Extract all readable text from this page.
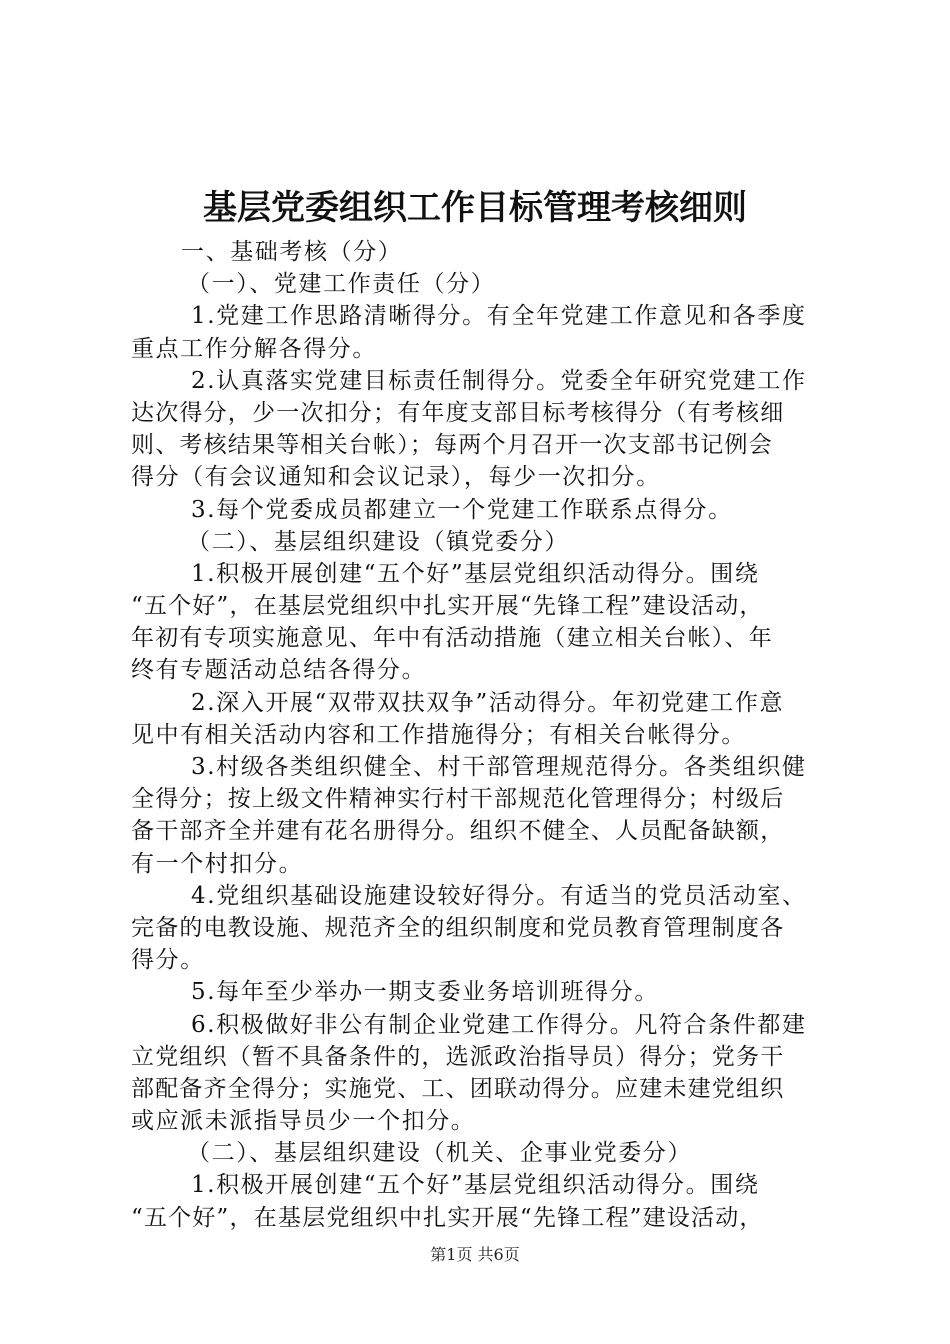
基层党委组织工作目标管理考核细则
一、基础考核（分）
（一）、党建工作责任（分）
1.党建工作思路清晰得分。有全年党建工作意见和各季度
重点工作分解各得分。
2.认真落实党建目标责任制得分。党委全年研究党建工作
达次得分，少一次扣分；有年度支部目标考核得分（有考核细
则、考核结果等相关台帐）；每两个月召开一次支部书记例会
得分（有会议通知和会议记录），每少一次扣分。
3.每个党委成员都建立一个党建工作联系点得分。
（二）、基层组织建设（镇党委分）
1.积极开展创建“五个好”基层党组织活动得分。围绕
“五个好”，在基层党组织中扎实开展“先锋工程”建设活动，
年初有专项实施意见、年中有活动措施（建立相关台帐）、年
终有专题活动总结各得分。
2.深入开展“双带双扶双争”活动得分。年初党建工作意
见中有相关活动内容和工作措施得分；有相关台帐得分。
3.村级各类组织健全、村干部管理规范得分。各类组织健
全得分；按上级文件精神实行村干部规范化管理得分；村级后
备干部齐全并建有花名册得分。组织不健全、人员配备缺额，
有一个村扣分。
4.党组织基础设施建设较好得分。有适当的党员活动室、
完备的电教设施、规范齐全的组织制度和党员教育管理制度各
得分。
5.每年至少举办一期支委业务培训班得分。
6.积极做好非公有制企业党建工作得分。凡符合条件都建
立党组织（暂不具备条件的，选派政治指导员）得分；党务干
部配备齐全得分；实施党、工、团联动得分。应建未建党组织
或应派未派指导员少一个扣分。
（二）、基层组织建设（机关、企事业党委分）
1.积极开展创建“五个好”基层党组织活动得分。围绕
“五个好”，在基层党组织中扎实开展“先锋工程”建设活动，
第1页 共6页
